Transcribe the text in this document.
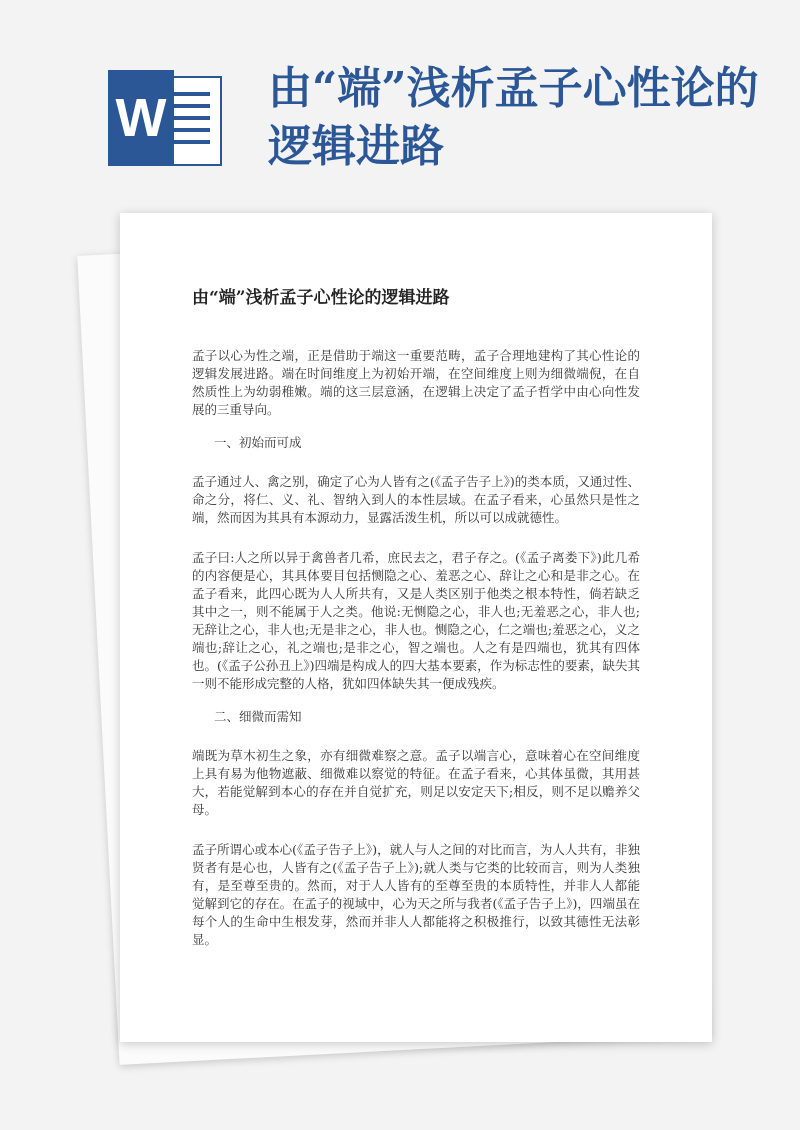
W 由“端”浅析孟子心性论的逻辑进路
由“端”浅析孟子心性论的逻辑进路

孟子以心为性之端，正是借助于端这一重要范畴，孟子合理地建构了其心性论的逻辑发展进路。端在时间维度上为初始开端，在空间维度上则为细微端倪，在自然质性上为幼弱稚嫩。端的这三层意涵，在逻辑上决定了孟子哲学中由心向性发展的三重导向。

一、初始而可成

孟子通过人、禽之别，确定了心为人皆有之(《孟子告子上》)的类本质，又通过性、命之分，将仁、义、礼、智纳入到人的本性层域。在孟子看来，心虽然只是性之端，然而因为其具有本源动力，显露活泼生机，所以可以成就德性。

孟子曰:人之所以异于禽兽者几希，庶民去之，君子存之。(《孟子离娄下》)此几希的内容便是心，其具体要目包括恻隐之心、羞恶之心、辞让之心和是非之心。在孟子看来，此四心既为人人所共有，又是人类区别于他类之根本特性，倘若缺乏其中之一，则不能属于人之类。他说:无恻隐之心，非人也;无羞恶之心，非人也;无辞让之心，非人也;无是非之心，非人也。恻隐之心，仁之端也;羞恶之心，义之端也;辞让之心，礼之端也;是非之心，智之端也。人之有是四端也，犹其有四体也。(《孟子公孙丑上》)四端是构成人的四大基本要素，作为标志性的要素，缺失其一则不能形成完整的人格，犹如四体缺失其一便成残疾。

二、细微而需知

端既为草木初生之象，亦有细微难察之意。孟子以端言心，意味着心在空间维度上具有易为他物遮蔽、细微难以察觉的特征。在孟子看来，心其体虽微，其用甚大，若能觉解到本心的存在并自觉扩充，则足以安定天下;相反，则不足以赡养父母。

孟子所谓心或本心(《孟子告子上》)，就人与人之间的对比而言，为人人共有，非独贤者有是心也，人皆有之(《孟子告子上》);就人类与它类的比较而言，则为人类独有，是至尊至贵的。然而，对于人人皆有的至尊至贵的本质特性，并非人人都能觉解到它的存在。在孟子的视域中，心为天之所与我者(《孟子告子上》)，四端虽在每个人的生命中生根发芽，然而并非人人都能将之积极推行，以致其德性无法彰显。
